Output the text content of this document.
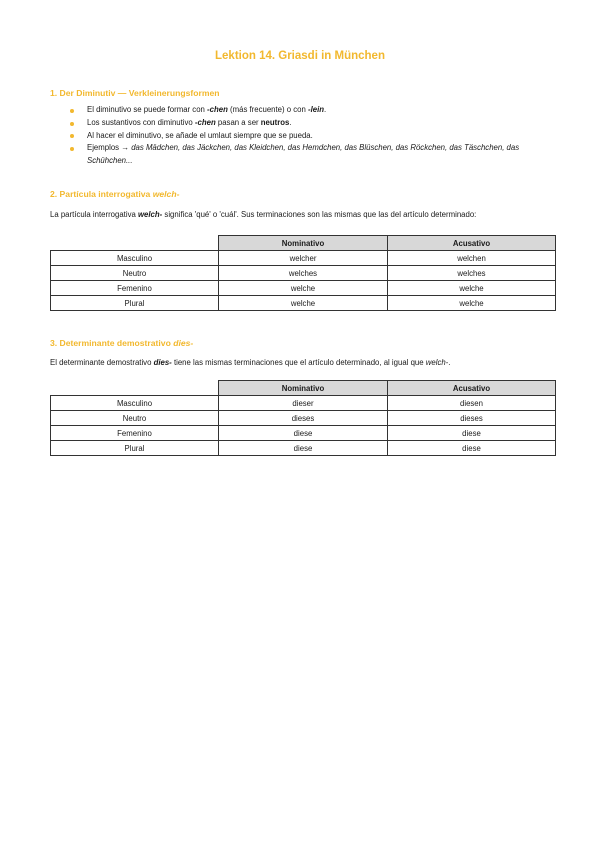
Lektion 14. Griasdi in München
1. Der Diminutiv — Verkleinerungsformen
El diminutivo se puede formar con -chen (más frecuente) o con -lein.
Los sustantivos con diminutivo -chen pasan a ser neutros.
Al hacer el diminutivo, se añade el umlaut siempre que se pueda.
Ejemplos → das Mädchen, das Jäckchen, das Kleidchen, das Hemdchen, das Blüschen, das Röckchen, das Täschchen, das Schühchen...
2. Partícula interrogativa welch-
La partícula interrogativa welch- significa 'qué' o 'cuál'. Sus terminaciones son las mismas que las del artículo determinado:
	Nominativo	Acusativo
Masculino	welcher	welchen
Neutro	welches	welches
Femenino	welche	welche
Plural	welche	welche
3. Determinante demostrativo dies-
El determinante demostrativo dies- tiene las mismas terminaciones que el artículo determinado, al igual que welch-.
	Nominativo	Acusativo
Masculino	dieser	diesen
Neutro	dieses	dieses
Femenino	diese	diese
Plural	diese	diese
